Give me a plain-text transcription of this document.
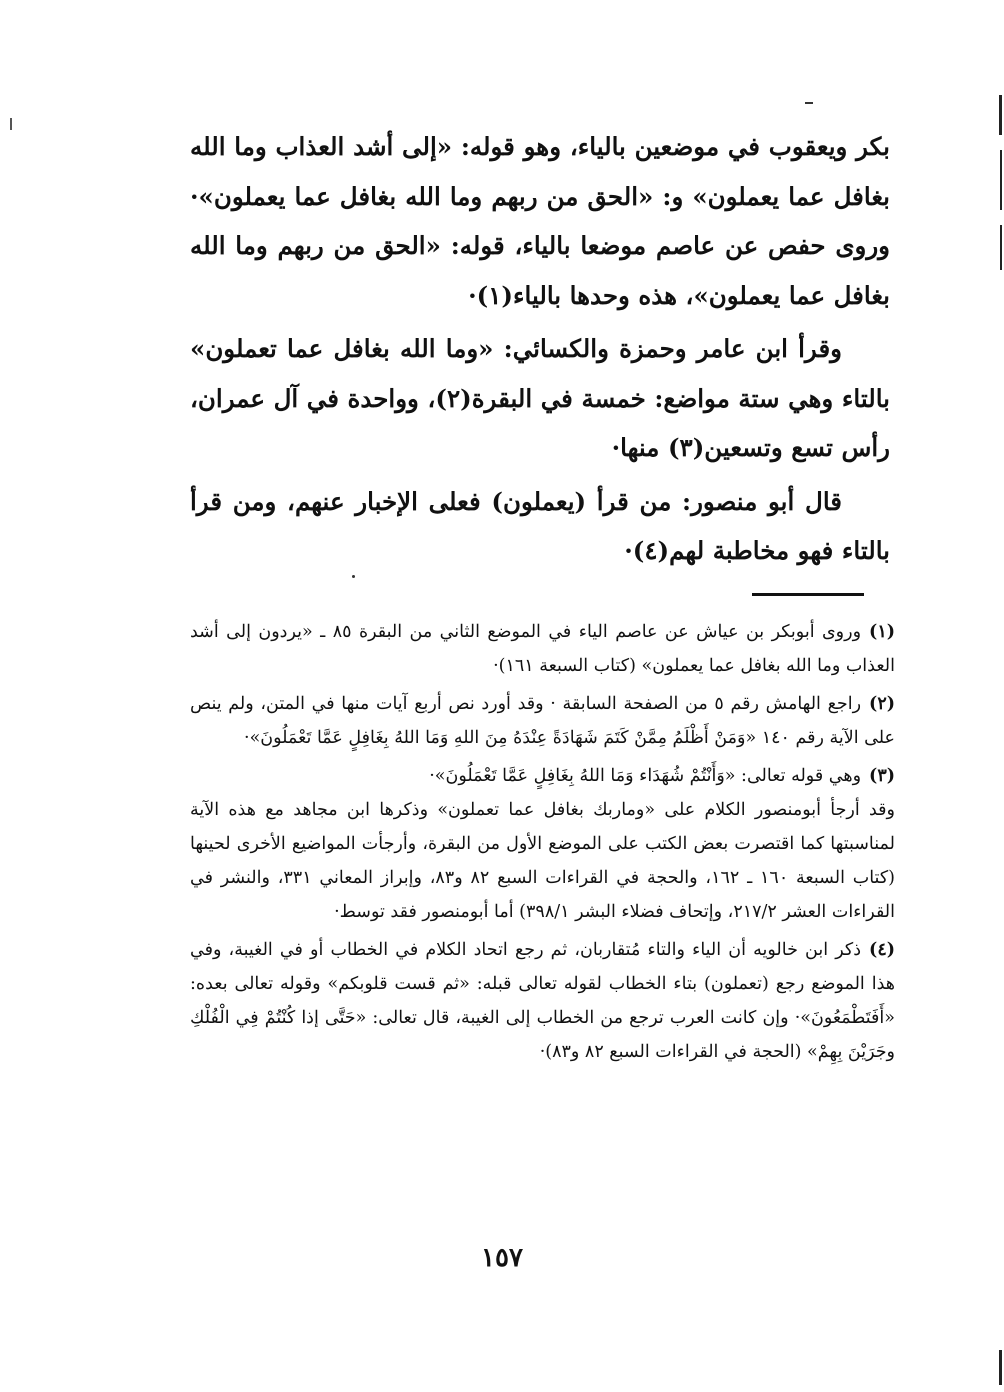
بكر ويعقوب في موضعين بالياء، وهو قوله: «إلى أشد العذاب وما الله بغافل عما يعملون» و: «الحق من ربهم وما الله بغافل عما يعملون»· وروى حفص عن عاصم موضعا بالياء، قوله: «الحق من ربهم وما الله بغافل عما يعملون»، هذه وحدها بالياء(١)·

وقرأ ابن عامر وحمزة والكسائي: «وما الله بغافل عما تعملون» بالتاء وهي ستة مواضع: خمسة في البقرة(٢)، وواحدة في آل عمران، رأس تسع وتسعين(٣) منها·

قال أبو منصور: من قرأ (يعملون) فعلى الإخبار عنهم، ومن قرأ بالتاء فهو مخاطبة لهم(٤)·

(١)وروى أبوبكر بن عياش عن عاصم الياء في الموضع الثاني من البقرة ٨٥ ـ «يردون إلى أشد العذاب وما الله بغافل عما يعملون» (كتاب السبعة ١٦١)·

(٢)راجع الهامش رقم ٥ من الصفحة السابقة · وقد أورد نص أربع آيات منها في المتن، ولم ينص على الآية رقم ١٤٠ «وَمَنْ أَظْلَمُ مِمَّنْ كَتَمَ شَهَادَةً عِنْدَهُ مِنَ اللهِ وَمَا اللهُ بِغَافِلٍ عَمَّا تَعْمَلُونَ»·

(٣)وهي قوله تعالى: «وَأَنْتُمْ شُهَدَاء وَمَا اللهُ بِغَافِلٍ عَمَّا تَعْمَلُونَ»·

وقد أرجأ أبومنصور الكلام على «وماربك بغافل عما تعملون» وذكرها ابن مجاهد مع هذه الآية لمناسبتها كما اقتصرت بعض الكتب على الموضع الأول من البقرة، وأرجأت المواضيع الأخرى لحينها (كتاب السبعة ١٦٠ ـ ١٦٢، والحجة في القراءات السبع ٨٢ و٨٣، وإبراز المعاني ٣٣١، والنشر في القراءات العشر ٢١٧/٢، وإتحاف فضلاء البشر ٣٩٨/١) أما أبومنصور فقد توسط·

(٤)ذكر ابن خالويه أن الياء والتاء مُتقاربان، ثم رجع اتحاد الكلام في الخطاب أو في الغيبة، وفي هذا الموضع رجع (تعملون) بتاء الخطاب لقوله تعالى قبله: «ثم قست قلوبكم» وقوله تعالى بعده: «أَفَتَطْمَعُونَ»· وإن كانت العرب ترجع من الخطاب إلى الغيبة، قال تعالى: «حَتَّى إذا كُنْتُمْ فِي الْفُلْكِ وجَرَيْنَ بِهِمْ» (الحجة في القراءات السبع ٨٢ و٨٣)·

١٥٧
